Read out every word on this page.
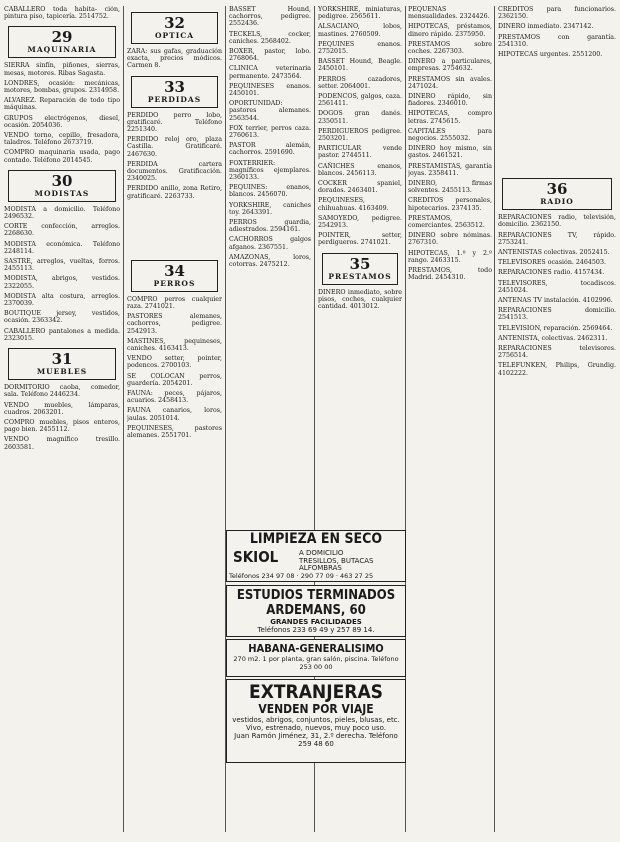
CABALLERO toda habita- ción, pintura piso, tapicería. 2514752.

29
MAQUINARIA

SIERRA sinfín, piñones, sierras, mesas, motores. Ribas Sagasta.

LONDRES, ocasión: mecánicas, motores, bombas, grupos. 2314958.

ALVAREZ. Reparación de todo tipo máquinas.

GRUPOS electrógenos, diesel, ocasión. 2054036.

VENDO torno, cepillo, fresadora, taladros. Teléfono 2673719.

COMPRO maquinaria usada, pago contado. Teléfono 2014545.

30
MODISTAS

MODISTA a domicilio. Teléfono 2496532.

CORTE confección, arreglos. 2268630.

MODISTA económica. Teléfono 2248114.

SASTRE, arreglos, vueltas, forros. 2455113.

MODISTA, abrigos, vestidos. 2322055.

MODISTA alta costura, arreglos. 2370039.

BOUTIQUE jersey, vestidos, ocasión. 2363342.

CABALLERO pantalones a medida. 2323015.

31
MUEBLES

DORMITORIO caoba, comedor, sala. Teléfono 2446234.

VENDO muebles, lámparas, cuadros. 2063201.

COMPRO muebles, pisos enteros, pago bien. 2455112.

VENDO magnífico tresillo. 2603581.

32
OPTICA

ZARA: sus gafas, graduación exacta, precios módicos. Carmen 8.

33
PERDIDAS

PERDIDO perro lobo, gratificaré. Teléfono 2251340.

PERDIDO reloj oro, plaza Castilla. Gratificaré. 2467630.

PERDIDA cartera documentos. Gratificación. 2340025.

PERDIDO anillo, zona Retiro, gratificaré. 2263733.

34
PERROS

COMPRO perros cualquier raza. 2741021.

PASTORES alemanes, cachorros, pedigree. 2542913.

MASTINES, pequineses, caniches. 4163413.

VENDO setter, pointer, podencos. 2700103.

SE COLOCAN perros, guardería. 2054201.

FAUNA: peces, pájaros, acuarios. 2458413.

FAUNA canarios, loros, jaulas. 2051014.

PEQUINESES, pastores alemanes. 2551701.

BASSET Hound, cachorros, pedigree. 2552436.

TECKELS, cocker, caniches. 2568402.

BOXER, pastor, lobo. 2768064.

CLINICA veterinaria permanente. 2473564.

PEQUINESES enanos. 2450101.

OPORTUNIDAD: pastores alemanes. 2563544.

FOX terrier, perros caza. 2760613.

PASTOR alemán, cachorros. 2591690.

FOXTERRIER: magníficos ejemplares. 2360133.

PEQUINES: enanos, blancos. 2456070.

YORKSHIRE, caniches toy. 2643391.

PERROS guardia, adiestrados. 2594161.

CACHORROS galgos afganos. 2367551.

AMAZONAS, loros, cotorras. 2475212.

YORKSHIRE, miniaturas, pedigree. 2565611.

ALSACIANO, lobos, mastines. 2760509.

PEQUINES enanos. 2752015.

BASSET Hound, Beagle. 2450101.

PERROS cazadores, setter. 2064001.

PODENCOS, galgos, caza. 2561411.

DOGOS gran danés. 2350511.

PERDIGUEROS pedigree. 2503201.

PARTICULAR vende pastor. 2744511.

CAÑICHES enanos, blancos. 2456113.

COCKER spaniel, dorados. 2463401.

PEQUINESES, chihuahuas. 4163409.

SAMOYEDO, pedigree. 2542913.

POINTER, setter, perdigueros. 2741021.

35
PRESTAMOS

DINERO inmediato, sobre pisos, coches, cualquier cantidad. 4013012.

PEQUEÑAS mensualidades. 2324426.

HIPOTECAS, préstamos, dinero rápido. 2375950.

PRESTAMOS sobre coches. 2267303.

DINERO a particulares, empresas. 2754632.

PRESTAMOS sin avales. 2471024.

DINERO rápido, sin fiadores. 2346010.

HIPOTECAS, compro letras. 2745615.

CAPITALES para negocios. 2555032.

DINERO hoy mismo, sin gastos. 2461521.

PRESTAMISTAS, garantía joyas. 2358411.

DINERO, firmas solventes. 2455113.

CREDITOS personales, hipotecarios. 2374135.

PRESTAMOS, comerciantes. 2563512.

DINERO sobre nóminas. 2767310.

HIPOTECAS, 1.º y 2.º rango. 2463315.

PRESTAMOS, todo Madrid. 2454310.

CREDITOS para funcionarios. 2362150.

DINERO inmediato. 2347142.

PRESTAMOS con garantía. 2541310.

HIPOTECAS urgentes. 2551200.

36
RADIO

REPARACIONES radio, televisión, domicilio. 2362150.

REPARACIONES TV, rápido. 2753241.

ANTENISTAS colectivas. 2052415.

TELEVISORES ocasión. 2464503.

REPARACIONES radio. 4157434.

TELEVISORES, tocadiscos. 2451024.

ANTENAS TV instalación. 4102996.

REPARACIONES domicilio. 2541513.

TELEVISION, reparación. 2569464.

ANTENISTA, colectivas. 2462311.

REPARACIONES televisores. 2756514.

TELEFUNKEN, Philips, Grundig. 4102222.

LIMPIEZA EN SECO
SKIOL	A DOMICILIO
TRESILLOS, BUTACAS
ALFOMBRAS
Teléfonos 234 97 08 · 290 77 09 · 463 27 25
ESTUDIOS TERMINADOS
ARDEMANS, 60
GRANDES FACILIDADES
Teléfonos 233 69 49 y 257 89 14.
HABANA-GENERALISIMO
270 m2. 1 por planta, gran salón, piscina. Teléfono 253 00 00
EXTRANJERAS
VENDEN POR VIAJE
vestidos, abrigos, conjuntos, pieles, blusas, etc.
Vivo, estrenado, nuevos, muy poco uso.
Juan Ramón Jiménez, 31, 2.º derecha. Teléfono 259 48 60
